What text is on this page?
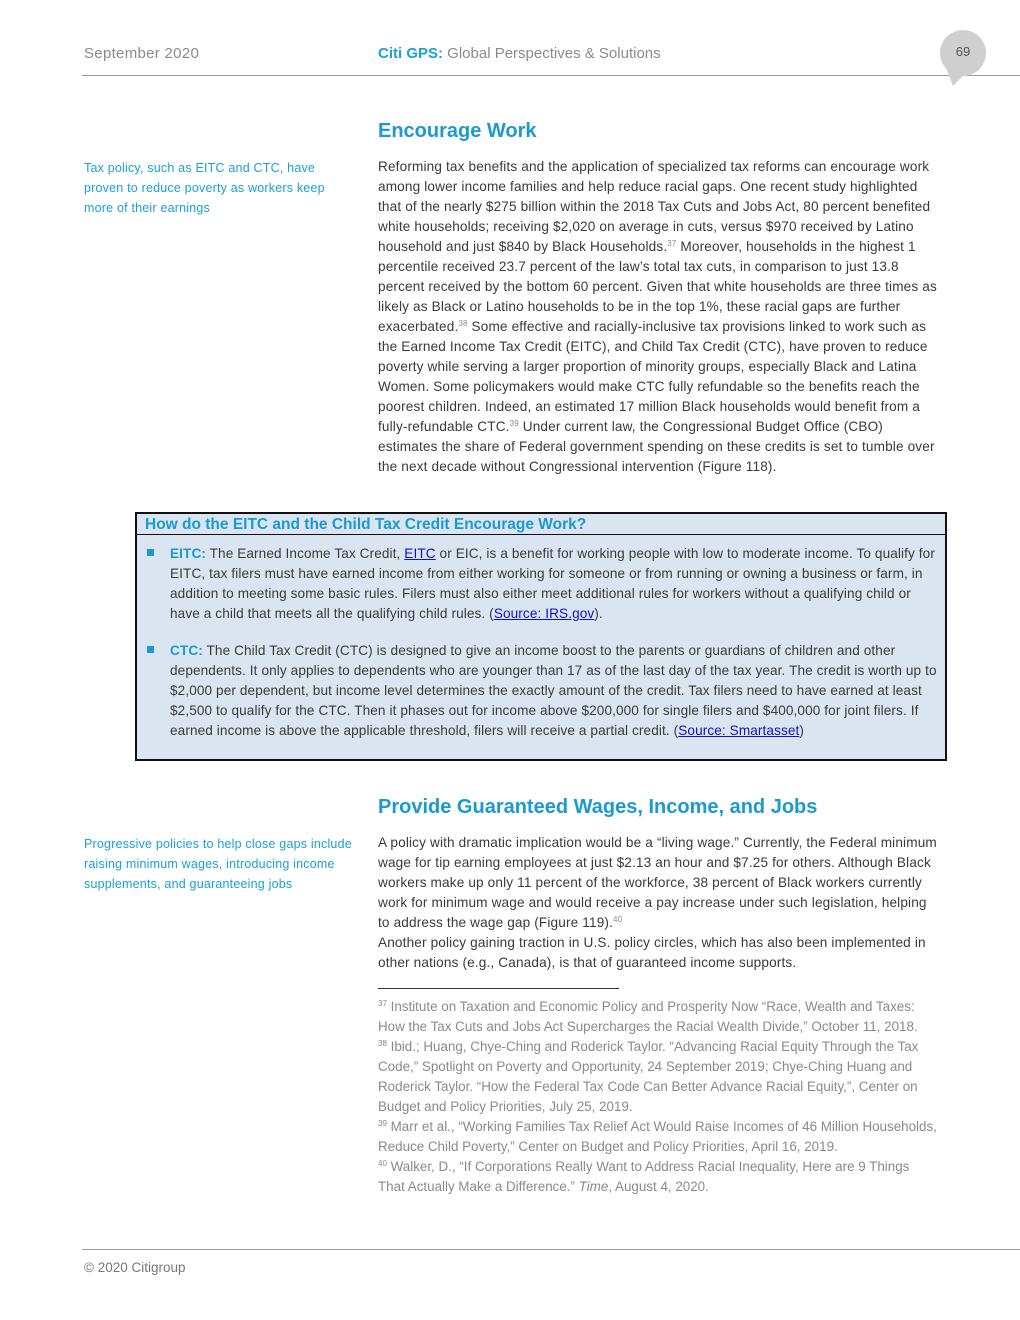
September 2020	Citi GPS: Global Perspectives & Solutions	69
Encourage Work
Tax policy, such as EITC and CTC, have proven to reduce poverty as workers keep more of their earnings

Reforming tax benefits and the application of specialized tax reforms can encourage work among lower income families and help reduce racial gaps. One recent study highlighted that of the nearly $275 billion within the 2018 Tax Cuts and Jobs Act, 80 percent benefited white households; receiving $2,020 on average in cuts, versus $970 received by Latino household and just $840 by Black Households.$^{37}$ Moreover, households in the highest 1 percentile received 23.7 percent of the law’s total tax cuts, in comparison to just 13.8 percent received by the bottom 60 percent. Given that white households are three times as likely as Black or Latino households to be in the top 1%, these racial gaps are further exacerbated.$^{38}$ Some effective and racially-inclusive tax provisions linked to work such as the Earned Income Tax Credit (EITC), and Child Tax Credit (CTC), have proven to reduce poverty while serving a larger proportion of minority groups, especially Black and Latina Women. Some policymakers would make CTC fully refundable so the benefits reach the poorest children. Indeed, an estimated 17 million Black households would benefit from a fully-refundable CTC.$^{39}$ Under current law, the Congressional Budget Office (CBO) estimates the share of Federal government spending on these credits is set to tumble over the next decade without Congressional intervention (Figure 118).

How do the EITC and the Child Tax Credit Encourage Work?
EITC: The Earned Income Tax Credit, EITC or EIC, is a benefit for working people with low to moderate income. To qualify for EITC, tax filers must have earned income from either working for someone or from running or owning a business or farm, in addition to meeting some basic rules. Filers must also either meet additional rules for workers without a qualifying child or have a child that meets all the qualifying child rules. (Source: IRS.gov).
CTC: The Child Tax Credit (CTC) is designed to give an income boost to the parents or guardians of children and other dependents. It only applies to dependents who are younger than 17 as of the last day of the tax year. The credit is worth up to $2,000 per dependent, but income level determines the exactly amount of the credit. Tax filers need to have earned at least $2,500 to qualify for the CTC. Then it phases out for income above $200,000 for single filers and $400,000 for joint filers. If earned income is above the applicable threshold, filers will receive a partial credit. (Source: Smartasset)
Provide Guaranteed Wages, Income, and Jobs
Progressive policies to help close gaps include raising minimum wages, introducing income supplements, and guaranteeing jobs

A policy with dramatic implication would be a “living wage.” Currently, the Federal minimum wage for tip earning employees at just $2.13 an hour and $7.25 for others. Although Black workers make up only 11 percent of the workforce, 38 percent of Black workers currently work for minimum wage and would receive a pay increase under such legislation, helping to address the wage gap (Figure 119).$^{40}$

Another policy gaining traction in U.S. policy circles, which has also been implemented in other nations (e.g., Canada), is that of guaranteed income supports.

$^{37}$ Institute on Taxation and Economic Policy and Prosperity Now “Race, Wealth and Taxes: How the Tax Cuts and Jobs Act Supercharges the Racial Wealth Divide,” October 11, 2018.

$^{38}$ Ibid.; Huang, Chye-Ching and Roderick Taylor. “Advancing Racial Equity Through the Tax Code,” Spotlight on Poverty and Opportunity, 24 September 2019; Chye-Ching Huang and Roderick Taylor. “How the Federal Tax Code Can Better Advance Racial Equity,”, Center on Budget and Policy Priorities, July 25, 2019.

$^{39}$ Marr et al., “Working Families Tax Relief Act Would Raise Incomes of 46 Million Households, Reduce Child Poverty,” Center on Budget and Policy Priorities, April 16, 2019.

$^{40}$ Walker, D., “If Corporations Really Want to Address Racial Inequality, Here are 9 Things That Actually Make a Difference.” Time, August 4, 2020.

© 2020 Citigroup
